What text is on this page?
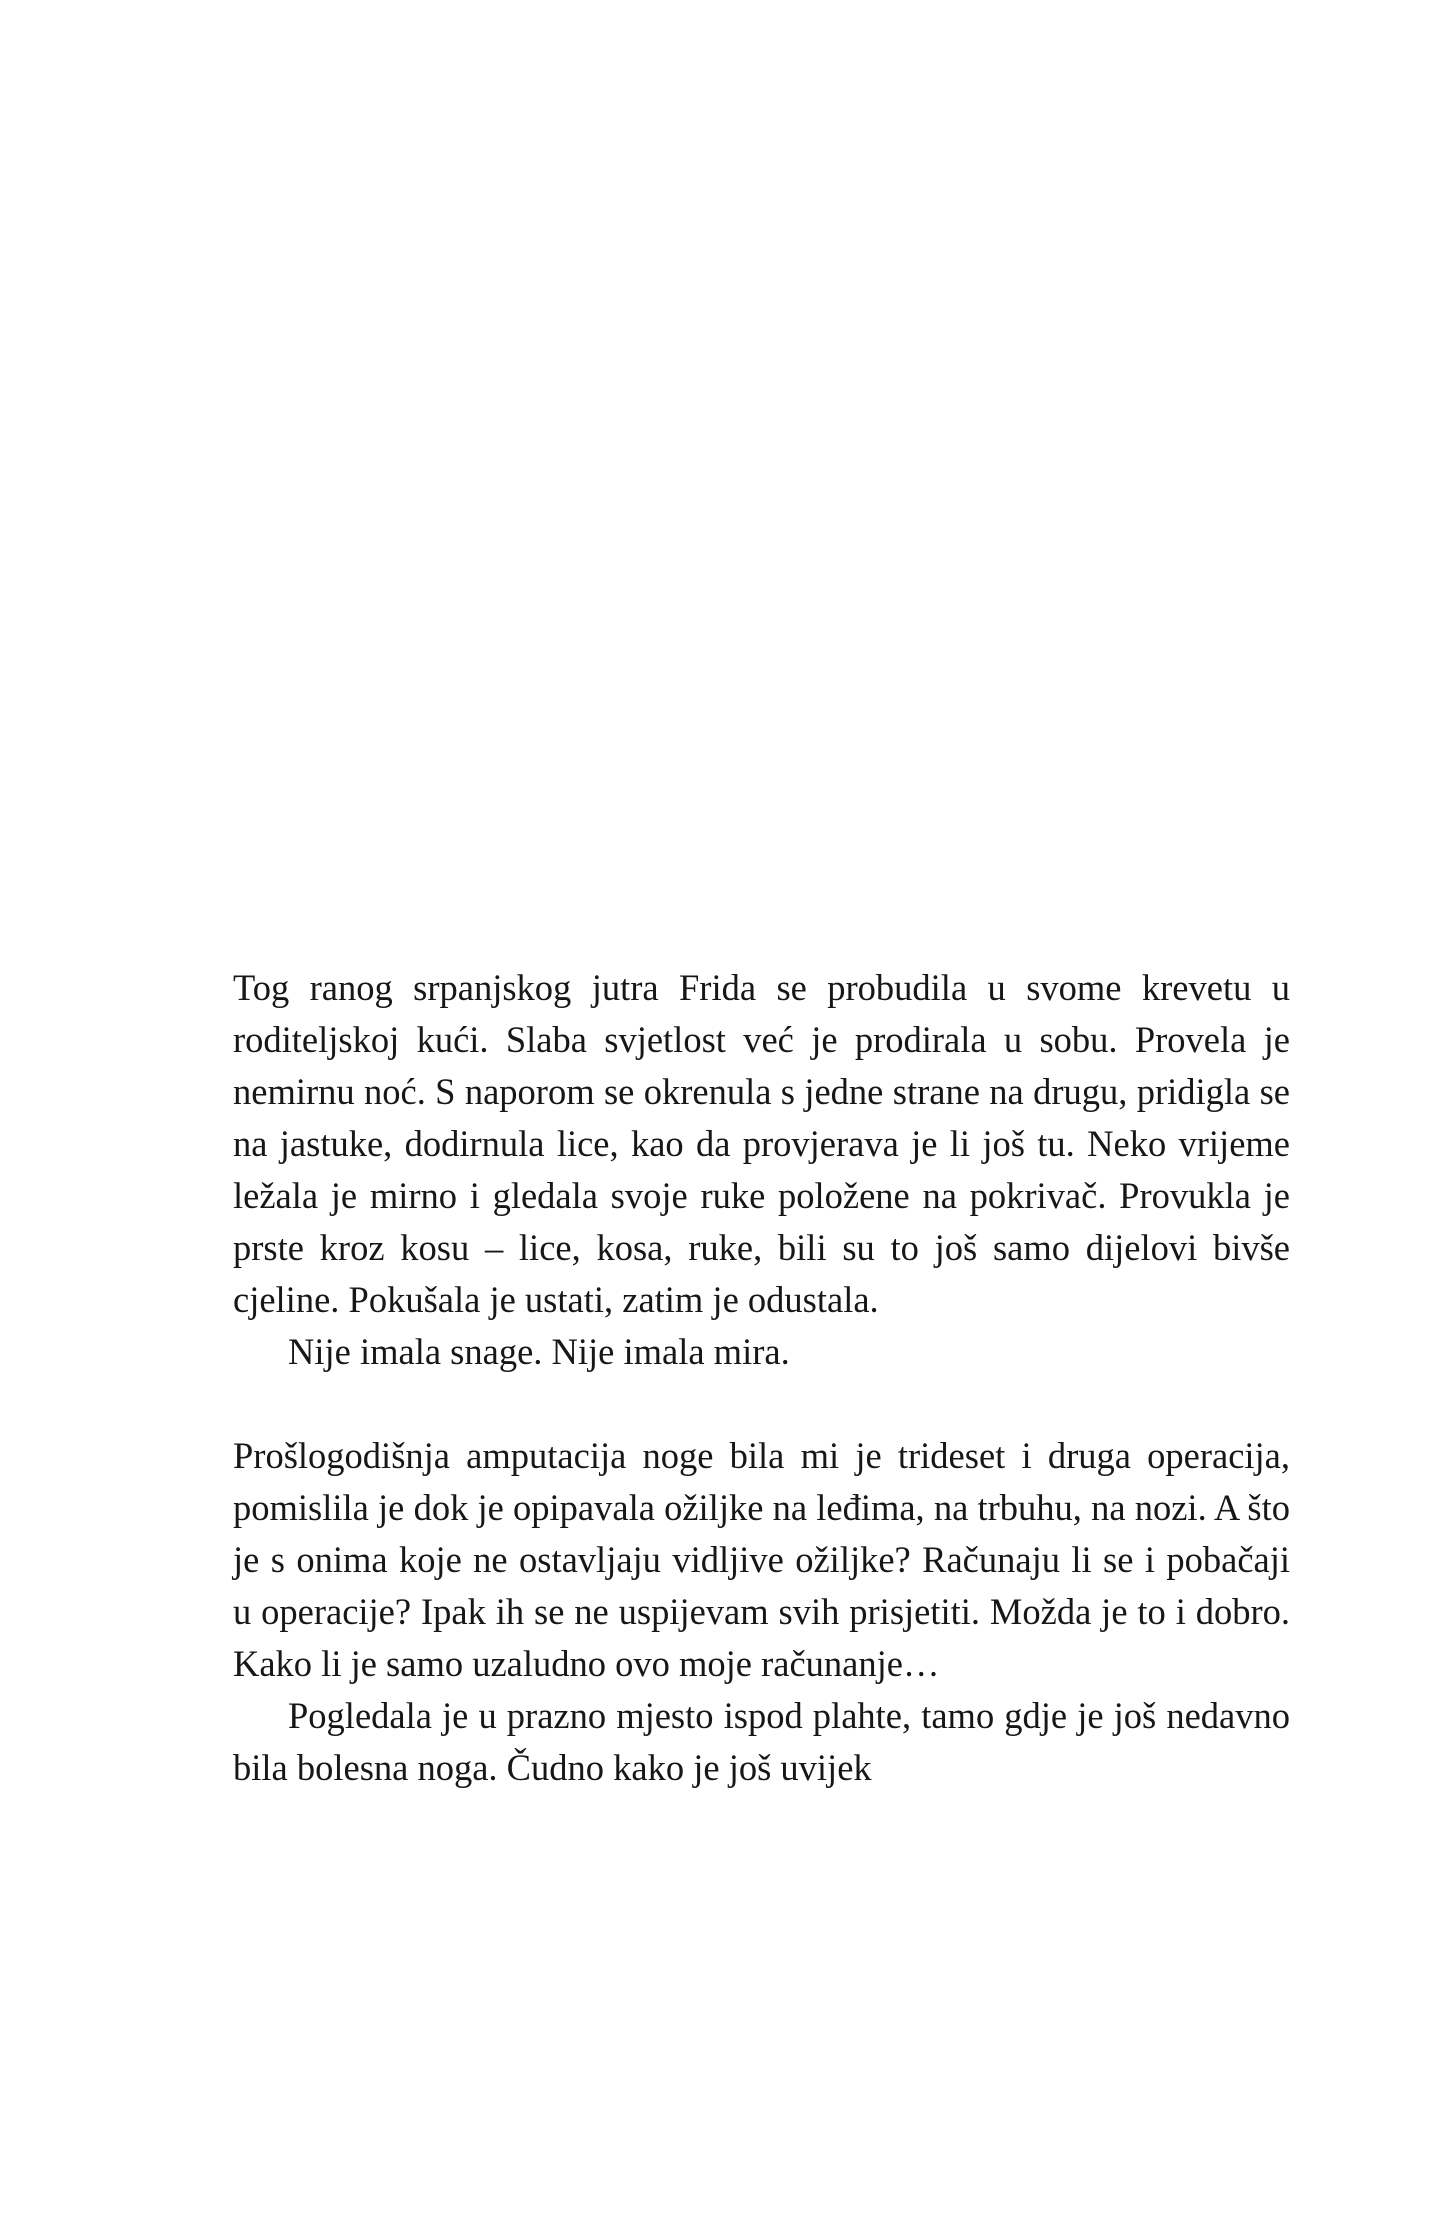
Tog ranog srpanjskog jutra Frida se probudila u svome krevetu u roditeljskoj kući. Slaba svjetlost već je prodirala u sobu. Provela je nemirnu noć. S naporom se okrenula s jedne strane na drugu, pridigla se na jastuke, dodirnula lice, kao da provjerava je li još tu. Neko vrijeme ležala je mirno i gledala svoje ruke položene na pokrivač. Provukla je prste kroz kosu – lice, kosa, ruke, bili su to još samo dijelovi bivše cjeline. Pokušala je ustati, zatim je odustala.
Nije imala snage. Nije imala mira.
Prošlogodišnja amputacija noge bila mi je trideset i druga operacija, pomislila je dok je opipavala ožiljke na leđima, na trbuhu, na nozi. A što je s onima koje ne ostavljaju vidljive ožiljke? Računaju li se i pobačaji u operacije? Ipak ih se ne uspijevam svih prisjetiti. Možda je to i dobro. Kako li je samo uzaludno ovo moje računanje…
Pogledala je u prazno mjesto ispod plahte, tamo gdje je još nedavno bila bolesna noga. Čudno kako je još uvijek
